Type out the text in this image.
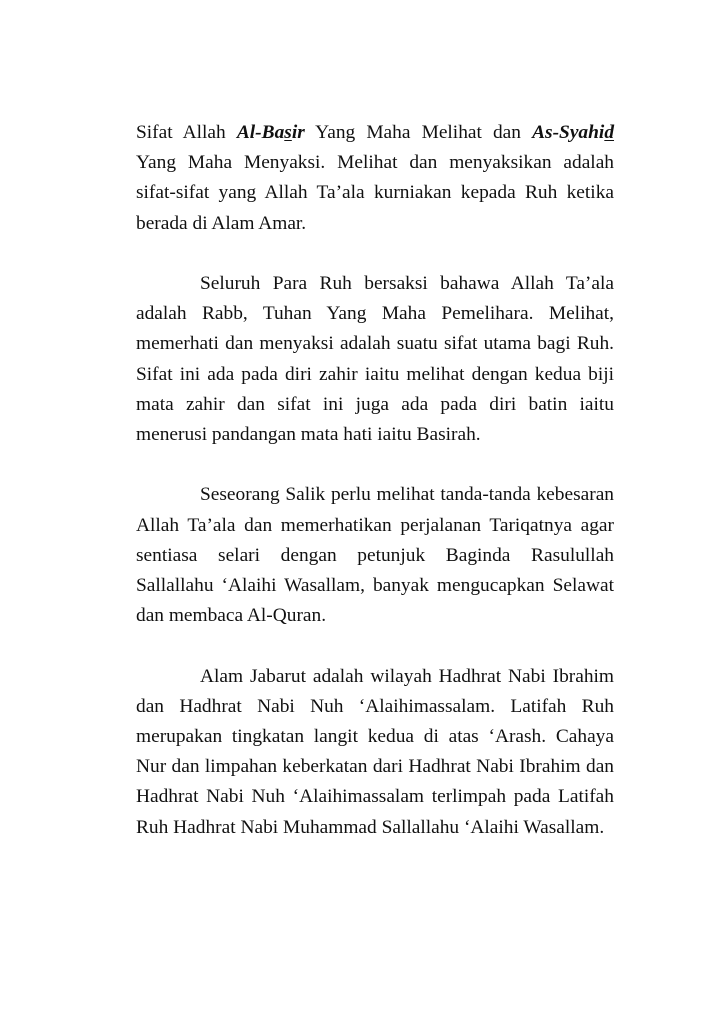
Sifat Allah Al-Basir Yang Maha Melihat dan As-Syahid Yang Maha Menyaksi. Melihat dan menyaksikan adalah sifat-sifat yang Allah Ta’ala kurniakan kepada Ruh ketika berada di Alam Amar.

Seluruh Para Ruh bersaksi bahawa Allah Ta’ala adalah Rabb, Tuhan Yang Maha Pemelihara. Melihat, memerhati dan menyaksi adalah suatu sifat utama bagi Ruh. Sifat ini ada pada diri zahir iaitu melihat dengan kedua biji mata zahir dan sifat ini juga ada pada diri batin iaitu menerusi pandangan mata hati iaitu Basirah.

Seseorang Salik perlu melihat tanda-tanda kebesaran Allah Ta’ala dan memerhatikan perjalanan Tariqatnya agar sentiasa selari dengan petunjuk Baginda Rasulullah Sallallahu ‘Alaihi Wasallam, banyak mengucapkan Selawat dan membaca Al-Quran.

Alam Jabarut adalah wilayah Hadhrat Nabi Ibrahim dan Hadhrat Nabi Nuh ‘Alaihimassalam. Latifah Ruh merupakan tingkatan langit kedua di atas ‘Arash. Cahaya Nur dan limpahan keberkatan dari Hadhrat Nabi Ibrahim dan Hadhrat Nabi Nuh ‘Alaihimassalam terlimpah pada Latifah Ruh Hadhrat Nabi Muhammad Sallallahu ‘Alaihi Wasallam.
